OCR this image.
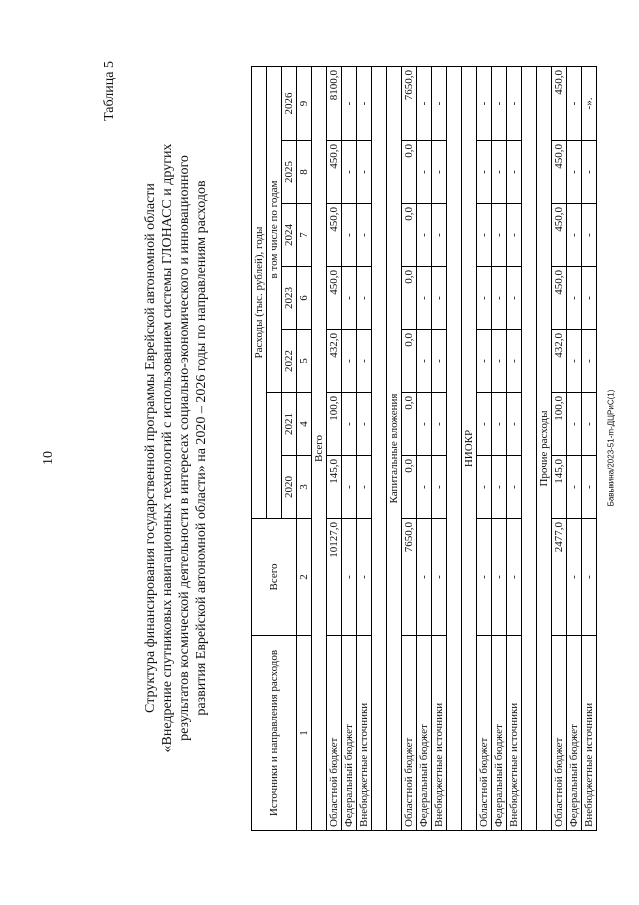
10	Бавыкина/2023-51-m-ДЦРиС(1)
Таблица 5
Структура финансирования государственной программы Еврейской автономной области «Внедрение спутниковых навигационных технологий с использованием системы ГЛОНАСС и других результатов космической деятельности в интересах социально-экономического и инновационного развития Еврейской автономной области» на 2020 – 2026 годы по направлениям расходов
Источники и направления расходов	Всего	Расходы (тыс. рублей), годы						
				в том числе по годам				
		2020	2021	2022	2023	2024	2025	2026
1	2	3	4	5	6	7	8	9
Всего								
Областной бюджет	10127,0	145,0	100,0	432,0	450,0	450,0	450,0	8100,0
Федеральный бюджет	-	-	-	-	-	-	-	-
Внебюджетные источники	-	-	-	-	-	-	-	-

Капитальные вложения								
Областной бюджет	7650,0	0,0	0,0	0,0	0,0	0,0	0,0	7650,0
Федеральный бюджет	-	-	-	-	-	-	-	-
Внебюджетные источники	-	-	-	-	-	-	-	-

НИОКР								
Областной бюджет	-	-	-	-	-	-	-	-
Федеральный бюджет	-	-	-	-	-	-	-	-
Внебюджетные источники	-	-	-	-	-	-	-	-

Прочие расходы								
Областной бюджет	2477,0	145,0	100,0	432,0	450,0	450,0	450,0	450,0
Федеральный бюджет	-	-	-	-	-	-	-	-
Внебюджетные источники	-	-	-	-	-	-	-	-».
